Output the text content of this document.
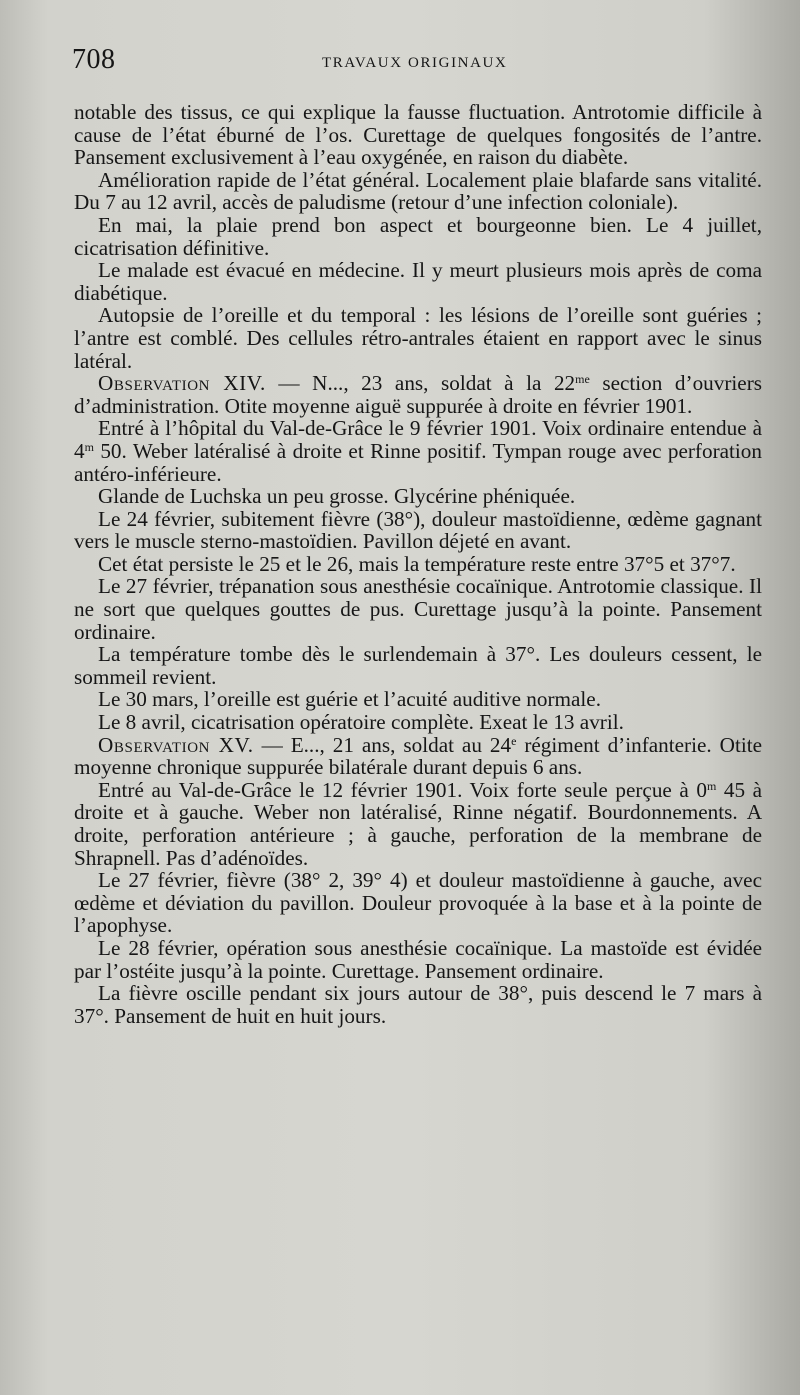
708	TRAVAUX ORIGINAUX

notable des tissus, ce qui explique la fausse fluctuation. Antrotomie difficile à cause de l’état éburné de l’os. Curettage de quelques fongosités de l’antre. Pansement exclusivement à l’eau oxygénée, en raison du diabète.

Amélioration rapide de l’état général. Localement plaie blafarde sans vitalité. Du 7 au 12 avril, accès de paludisme (retour d’une infection coloniale).

En mai, la plaie prend bon aspect et bourgeonne bien. Le 4 juillet, cicatrisation définitive.

Le malade est évacué en médecine. Il y meurt plusieurs mois après de coma diabétique.

Autopsie de l’oreille et du temporal : les lésions de l’oreille sont guéries ; l’antre est comblé. Des cellules rétro-antrales étaient en rapport avec le sinus latéral.

Observation XIV. — N..., 23 ans, soldat à la $22^{me}$ section d’ouvriers d’administration. Otite moyenne aiguë suppurée à droite en février 1901.

Entré à l’hôpital du Val-de-Grâce le 9 février 1901. Voix ordinaire entendue à 4$^m$ 50. Weber latéralisé à droite et Rinne positif. Tympan rouge avec perforation antéro-inférieure.

Glande de Luchska un peu grosse. Glycérine phéniquée.

Le 24 février, subitement fièvre (38°), douleur mastoïdienne, œdème gagnant vers le muscle sterno-mastoïdien. Pavillon déjeté en avant.

Cet état persiste le 25 et le 26, mais la température reste entre 37°5 et 37°7.

Le 27 février, trépanation sous anesthésie cocaïnique. Antrotomie classique. Il ne sort que quelques gouttes de pus. Curettage jusqu’à la pointe. Pansement ordinaire.

La température tombe dès le surlendemain à 37°. Les douleurs cessent, le sommeil revient.

Le 30 mars, l’oreille est guérie et l’acuité auditive normale.

Le 8 avril, cicatrisation opératoire complète. Exeat le 13 avril.

Observation XV. — E..., 21 ans, soldat au 24e régiment d’infanterie. Otite moyenne chronique suppurée bilatérale durant depuis 6 ans.

Entré au Val-de-Grâce le 12 février 1901. Voix forte seule perçue à 0$^m$ 45 à droite et à gauche. Weber non latéralisé, Rinne négatif. Bourdonnements. A droite, perforation antérieure ; à gauche, perforation de la membrane de Shrapnell. Pas d’adénoïdes.

Le 27 février, fièvre (38° 2, 39° 4) et douleur mastoïdienne à gauche, avec œdème et déviation du pavillon. Douleur provoquée à la base et à la pointe de l’apophyse.

Le 28 février, opération sous anesthésie cocaïnique. La mastoïde est évidée par l’ostéite jusqu’à la pointe. Curettage. Pansement ordinaire.

La fièvre oscille pendant six jours autour de 38°, puis descend le 7 mars à 37°. Pansement de huit en huit jours.
